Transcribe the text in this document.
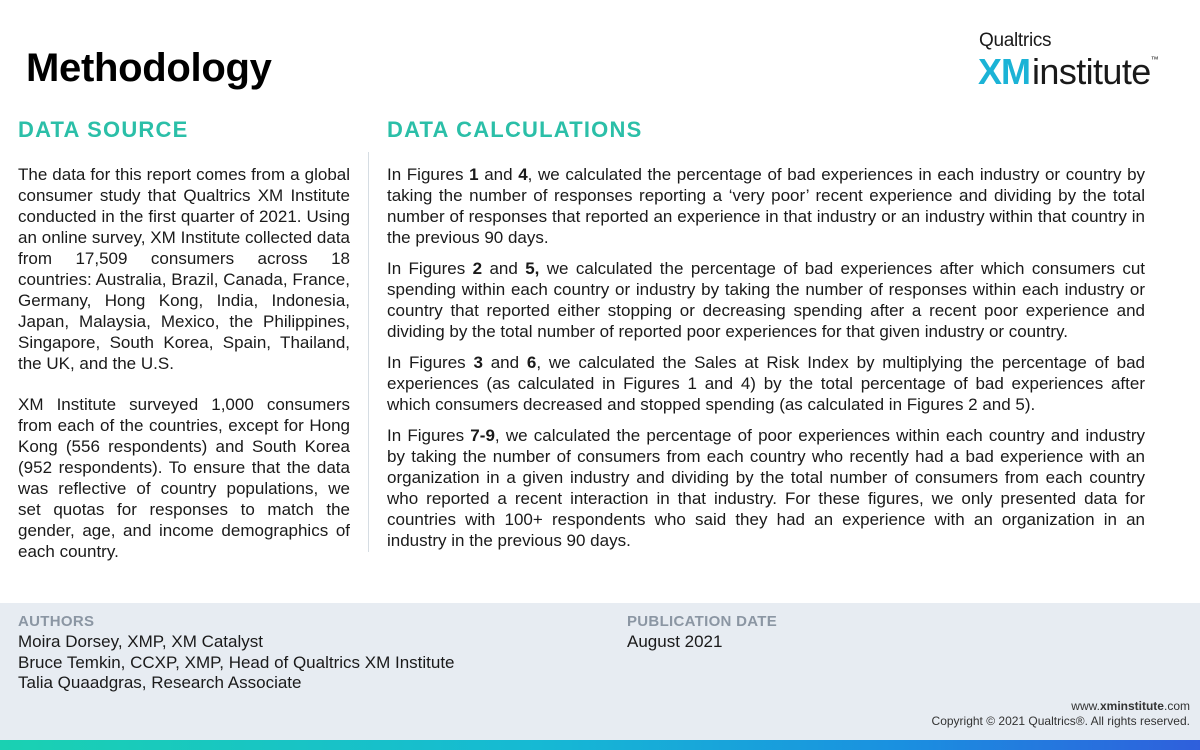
Methodology
Qualtrics
XMinstitute™
DATA SOURCE	DATA CALCULATIONS

The data for this report comes from a global consumer study that Qualtrics XM Institute conducted in the first quarter of 2021. Using an online survey, XM Institute collected data from 17,509 consumers across 18 countries: Australia, Brazil, Canada, France, Germany, Hong Kong, India, Indonesia, Japan, Malaysia, Mexico, the Philippines, Singapore, South Korea, Spain, Thailand, the UK, and the U.S.

XM Institute surveyed 1,000 consumers from each of the countries, except for Hong Kong (556 respondents) and South Korea (952 respondents). To ensure that the data was reflective of country populations, we set quotas for responses to match the gender, age, and income demographics of each country.

In Figures 1 and 4, we calculated the percentage of bad experiences in each industry or country by taking the number of responses reporting a ‘very poor’ recent experience and dividing by the total number of responses that reported an experience in that industry or an industry within that country in the previous 90 days.

In Figures 2 and 5, we calculated the percentage of bad experiences after which consumers cut spending within each country or industry by taking the number of responses within each industry or country that reported either stopping or decreasing spending after a recent poor experience and dividing by the total number of reported poor experiences for that given industry or country.

In Figures 3 and 6, we calculated the Sales at Risk Index by multiplying the percentage of bad experiences (as calculated in Figures 1 and 4) by the total percentage of bad experiences after which consumers decreased and stopped spending (as calculated in Figures 2 and 5).

In Figures 7-9, we calculated the percentage of poor experiences within each country and industry by taking the number of consumers from each country who recently had a bad experience with an organization in a given industry and dividing by the total number of consumers from each country who reported a recent interaction in that industry. For these figures, we only presented data for countries with 100+ respondents who said they had an experience with an organization in an industry in the previous 90 days.

AUTHORS
Moira Dorsey, XMP, XM Catalyst
Bruce Temkin, CCXP, XMP, Head of Qualtrics XM Institute
Talia Quaadgras, Research Associate
PUBLICATION DATE
August 2021
www.xminstitute.com
Copyright © 2021 Qualtrics®. All rights reserved.
